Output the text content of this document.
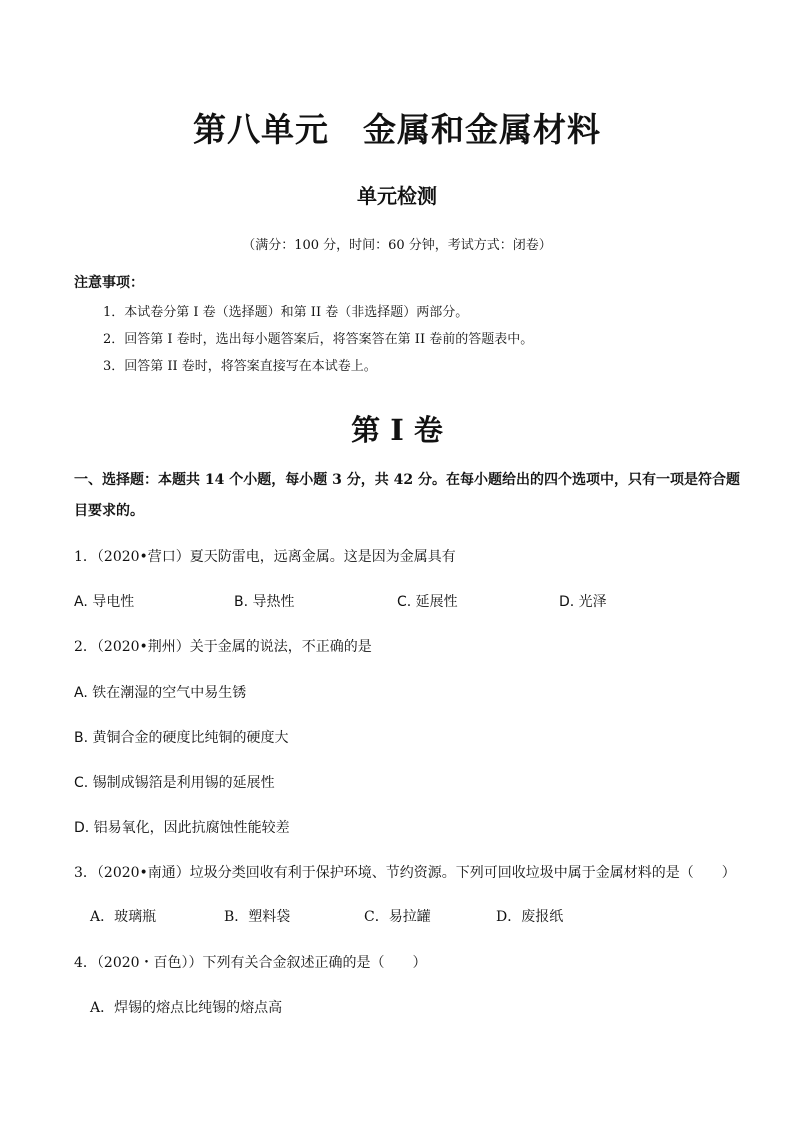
第八单元　金属和金属材料
单元检测
（满分：100 分，时间：60 分钟，考试方式：闭卷）
注意事项：
1．本试卷分第 I 卷（选择题）和第 II 卷（非选择题）两部分。
2．回答第 I 卷时，选出每小题答案后，将答案答在第 II 卷前的答题表中。
3．回答第 II 卷时，将答案直接写在本试卷上。
第 I 卷
一、选择题：本题共 14 个小题，每小题 3 分，共 42 分。在每小题给出的四个选项中，只有一项是符合题
目要求的。
1．（2020•营口）夏天防雷电，远离金属。这是因为金属具有
A. 导电性	B. 导热性	C. 延展性	D. 光泽
2．（2020•荆州）关于金属的说法，不正确的是
A. 铁在潮湿的空气中易生锈
B. 黄铜合金的硬度比纯铜的硬度大
C. 锡制成锡箔是利用锡的延展性
D. 铝易氧化，因此抗腐蚀性能较差
3．（2020•南通）垃圾分类回收有利于保护环境、节约资源。下列可回收垃圾中属于金属材料的是（　　）
A．玻璃瓶	B．塑料袋	C．易拉罐	D．废报纸
4．（2020・百色））下列有关合金叙述正确的是（　　）
A．焊锡的熔点比纯锡的熔点高
